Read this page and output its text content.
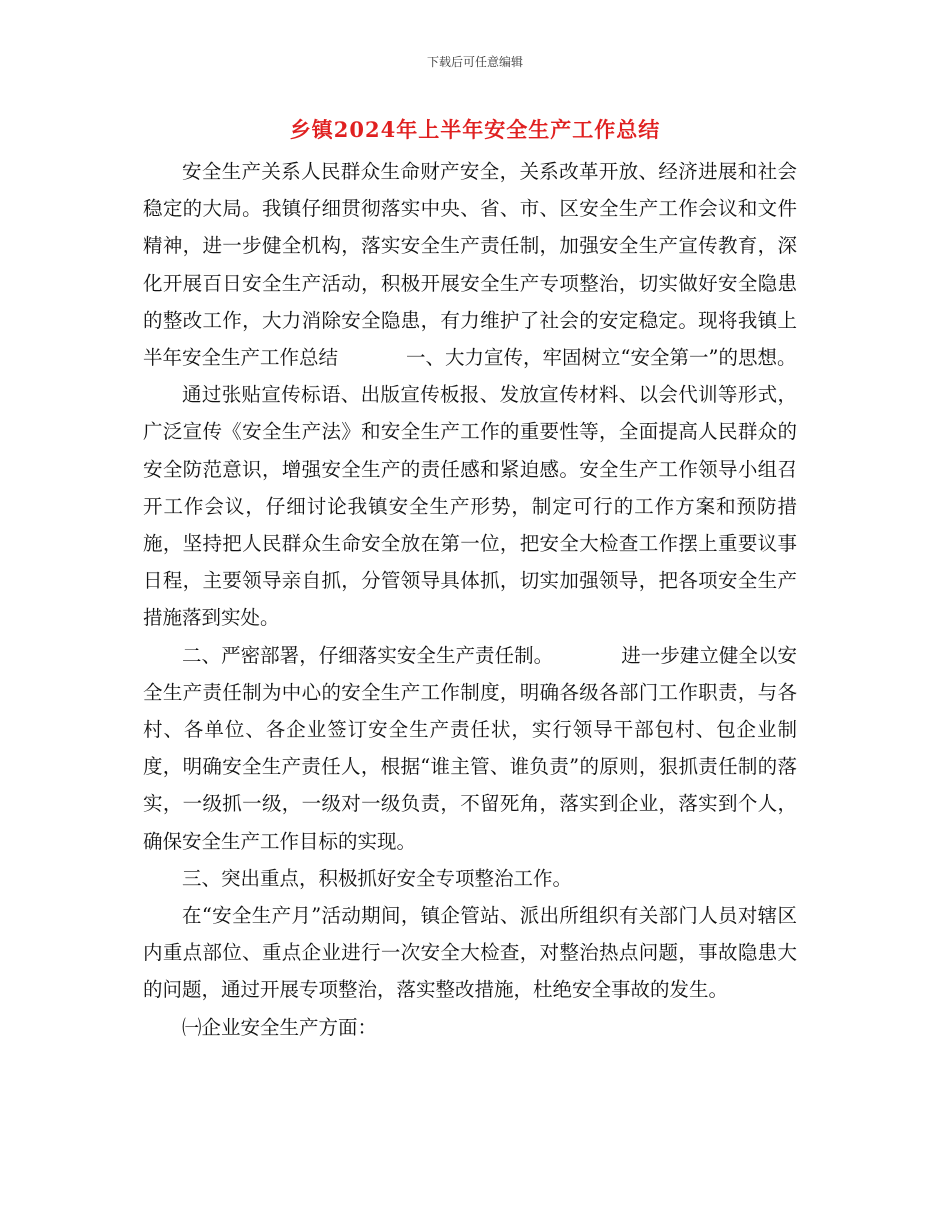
下载后可任意编辑
乡镇2024年上半年安全生产工作总结

安全生产关系人民群众生命财产安全，关系改革开放、经济进展和社会稳定的大局。我镇仔细贯彻落实中央、省、市、区安全生产工作会议和文件精神，进一步健全机构，落实安全生产责任制，加强安全生产宣传教育，深化开展百日安全生产活动，积极开展安全生产专项整治，切实做好安全隐患的整改工作，大力消除安全隐患，有力维护了社会的安定稳定。现将我镇上半年安全生产工作总结	一、大力宣传，牢固树立“安全第一”的思想。

通过张贴宣传标语、出版宣传板报、发放宣传材料、以会代训等形式，广泛宣传《安全生产法》和安全生产工作的重要性等，全面提高人民群众的安全防范意识，增强安全生产的责任感和紧迫感。安全生产工作领导小组召开工作会议，仔细讨论我镇安全生产形势，制定可行的工作方案和预防措施，坚持把人民群众生命安全放在第一位，把安全大检查工作摆上重要议事日程，主要领导亲自抓，分管领导具体抓，切实加强领导，把各项安全生产措施落到实处。

二、严密部署，仔细落实安全生产责任制。	进一步建立健全以安全生产责任制为中心的安全生产工作制度，明确各级各部门工作职责，与各村、各单位、各企业签订安全生产责任状，实行领导干部包村、包企业制度，明确安全生产责任人，根据“谁主管、谁负责”的原则，狠抓责任制的落实，一级抓一级，一级对一级负责，不留死角，落实到企业，落实到个人，确保安全生产工作目标的实现。

三、突出重点，积极抓好安全专项整治工作。

在“安全生产月”活动期间，镇企管站、派出所组织有关部门人员对辖区内重点部位、重点企业进行一次安全大检查，对整治热点问题，事故隐患大的问题，通过开展专项整治，落实整改措施，杜绝安全事故的发生。

㈠企业安全生产方面：
